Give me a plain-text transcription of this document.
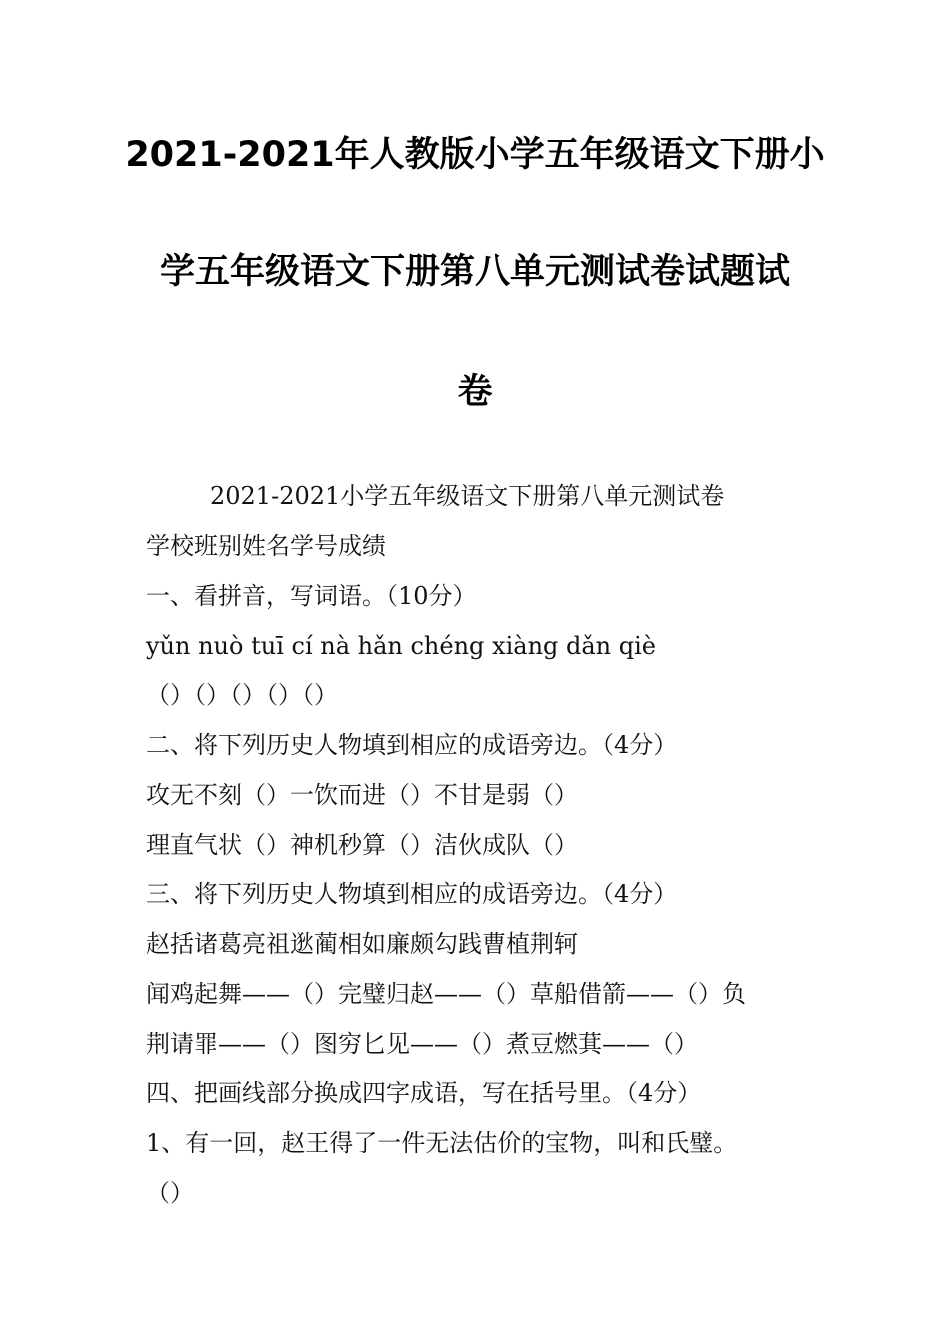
2021-2021年人教版小学五年级语文下册小
学五年级语文下册第八单元测试卷试题试
卷
2021-2021小学五年级语文下册第八单元测试卷
学校班别姓名学号成绩
一、看拼音，写词语。（10分）
yǔn nuò tuī cí nà hǎn chéng xiàng dǎn qiè
（）（）（）（）（）
二、将下列历史人物填到相应的成语旁边。（4分）
攻无不刻（）一饮而进（）不甘是弱（）
理直气状（）神机秒算（）洁伙成队（）
三、将下列历史人物填到相应的成语旁边。（4分）
赵括诸葛亮祖逖蔺相如廉颇勾践曹植荆轲
闻鸡起舞——（）完璧归赵——（）草船借箭——（）负
荆请罪——（）图穷匕见——（）煮豆燃萁——（）
四、把画线部分换成四字成语，写在括号里。（4分）
1、有一回，赵王得了一件无法估价的宝物，叫和氏璧。
（）
